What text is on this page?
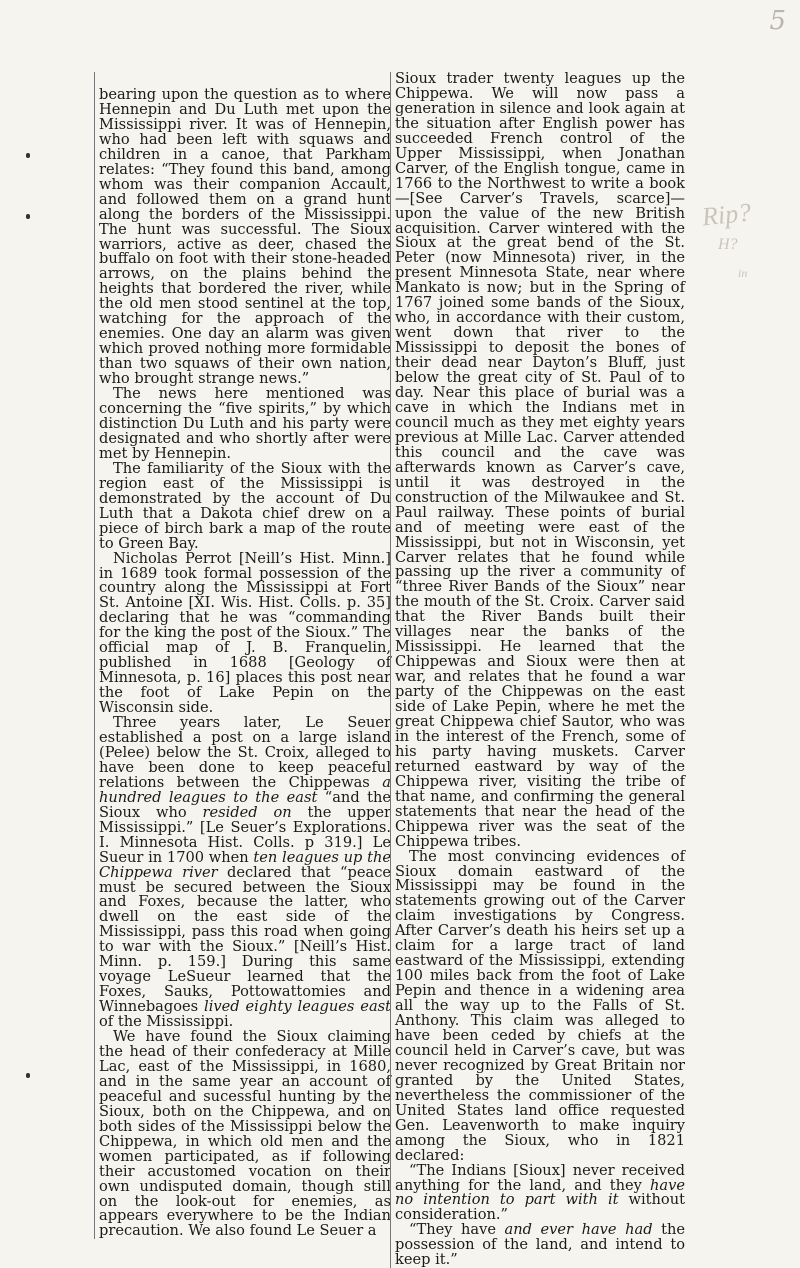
5
Rip?
H?
in

bearing upon the question as to where Hennepin and Du Luth met upon the Mississippi river. It was of Hennepin, who had been left with squaws and children in a canoe, that Parkham relates: “They found this band, among whom was their companion Accault, and followed them on a grand hunt along the borders of the Mississippi. The hunt was successful. The Sioux warriors, active as deer, chased the buffalo on foot with their stone-headed arrows, on the plains behind the heights that bordered the river, while the old men stood sentinel at the top, watching for the approach of the enemies. One day an alarm was given which proved nothing more formidable than two squaws of their own nation, who brought strange news.”

The news here mentioned was concerning the “five spirits,” by which distinction Du Luth and his party were designated and who shortly after were met by Hennepin.

The familiarity of the Sioux with the region east of the Mississippi is demonstrated by the account of Du Luth that a Dakota chief drew on a piece of birch bark a map of the route to Green Bay.

Nicholas Perrot [Neill’s Hist. Minn.] in 1689 took formal possession of the country along the Mississippi at Fort St. Antoine [XI. Wis. Hist. Colls. p. 35] declaring that he was “commanding for the king the post of the Sioux.” The official map of J. B. Franquelin, published in 1688 [Geology of Minnesota, p. 16] places this post near the foot of Lake Pepin on the Wisconsin side.

Three years later, Le Seuer established a post on a large island (Pelee) below the St. Croix, alleged to have been done to keep peaceful relations between the Chippewas a hundred leagues to the east “and the Sioux who resided on the upper Mississippi.” [Le Seuer’s Explorations. I. Minnesota Hist. Colls. p 319.] Le Sueur in 1700 when ten leagues up the Chippewa river declared that “peace must be secured between the Sioux and Foxes, because the latter, who dwell on the east side of the Mississippi, pass this road when going to war with the Sioux.” [Neill’s Hist. Minn. p. 159.] During this same voyage LeSueur learned that the Foxes, Sauks, Pottowattomies and Winnebagoes lived eighty leagues east of the Mississippi.

We have found the Sioux claiming the head of their confederacy at Mille Lac, east of the Mississippi, in 1680, and in the same year an account of peaceful and sucessful hunting by the Sioux, both on the Chippewa, and on both sides of the Mississippi below the Chippewa, in which old men and the women participated, as if following their accustomed vocation on their own undisputed domain, though still on the look-out for enemies, as appears everywhere to be the Indian precaution. We also found Le Seuer a

Sioux trader twenty leagues up the Chippewa. We will now pass a generation in silence and look again at the situation after English power has succeeded French control of the Upper Mississippi, when Jonathan Carver, of the English tongue, came in 1766 to the Northwest to write a book—[See Carver’s Travels, scarce]— upon the value of the new British acquisition. Carver wintered with the Sioux at the great bend of the St. Peter (now Minnesota) river, in the present Minnesota State, near where Mankato is now; but in the Spring of 1767 joined some bands of the Sioux, who, in accordance with their custom, went down that river to the Mississippi to deposit the bones of their dead near Dayton’s Bluff, just below the great city of St. Paul of to day. Near this place of burial was a cave in which the Indians met in council much as they met eighty years previous at Mille Lac. Carver attended this council and the cave was afterwards known as Carver’s cave, until it was destroyed in the construction of the Milwaukee and St. Paul railway. These points of burial and of meeting were east of the Mississippi, but not in Wisconsin, yet Carver relates that he found while passing up the river a community of “three River Bands of the Sioux” near the mouth of the St. Croix. Carver said that the River Bands built their villages near the banks of the Mississippi. He learned that the Chippewas and Sioux were then at war, and relates that he found a war party of the Chippewas on the east side of Lake Pepin, where he met the great Chippewa chief Sautor, who was in the interest of the French, some of his party having muskets. Carver returned eastward by way of the Chippewa river, visiting the tribe of that name, and confirming the general statements that near the head of the Chippewa river was the seat of the Chippewa tribes.

The most convincing evidences of Sioux domain eastward of the Mississippi may be found in the statements growing out of the Carver claim investigations by Congress. After Carver’s death his heirs set up a claim for a large tract of land eastward of the Mississippi, extending 100 miles back from the foot of Lake Pepin and thence in a widening area all the way up to the Falls of St. Anthony. This claim was alleged to have been ceded by chiefs at the council held in Carver’s cave, but was never recognized by Great Britain nor granted by the United States, nevertheless the commissioner of the United States land office requested Gen. Leavenworth to make inquiry among the Sioux, who in 1821 declared:

“The Indians [Sioux] never received anything for the land, and they have no intention to part with it without consideration.”

“They have and ever have had the possession of the land, and intend to keep it.”
